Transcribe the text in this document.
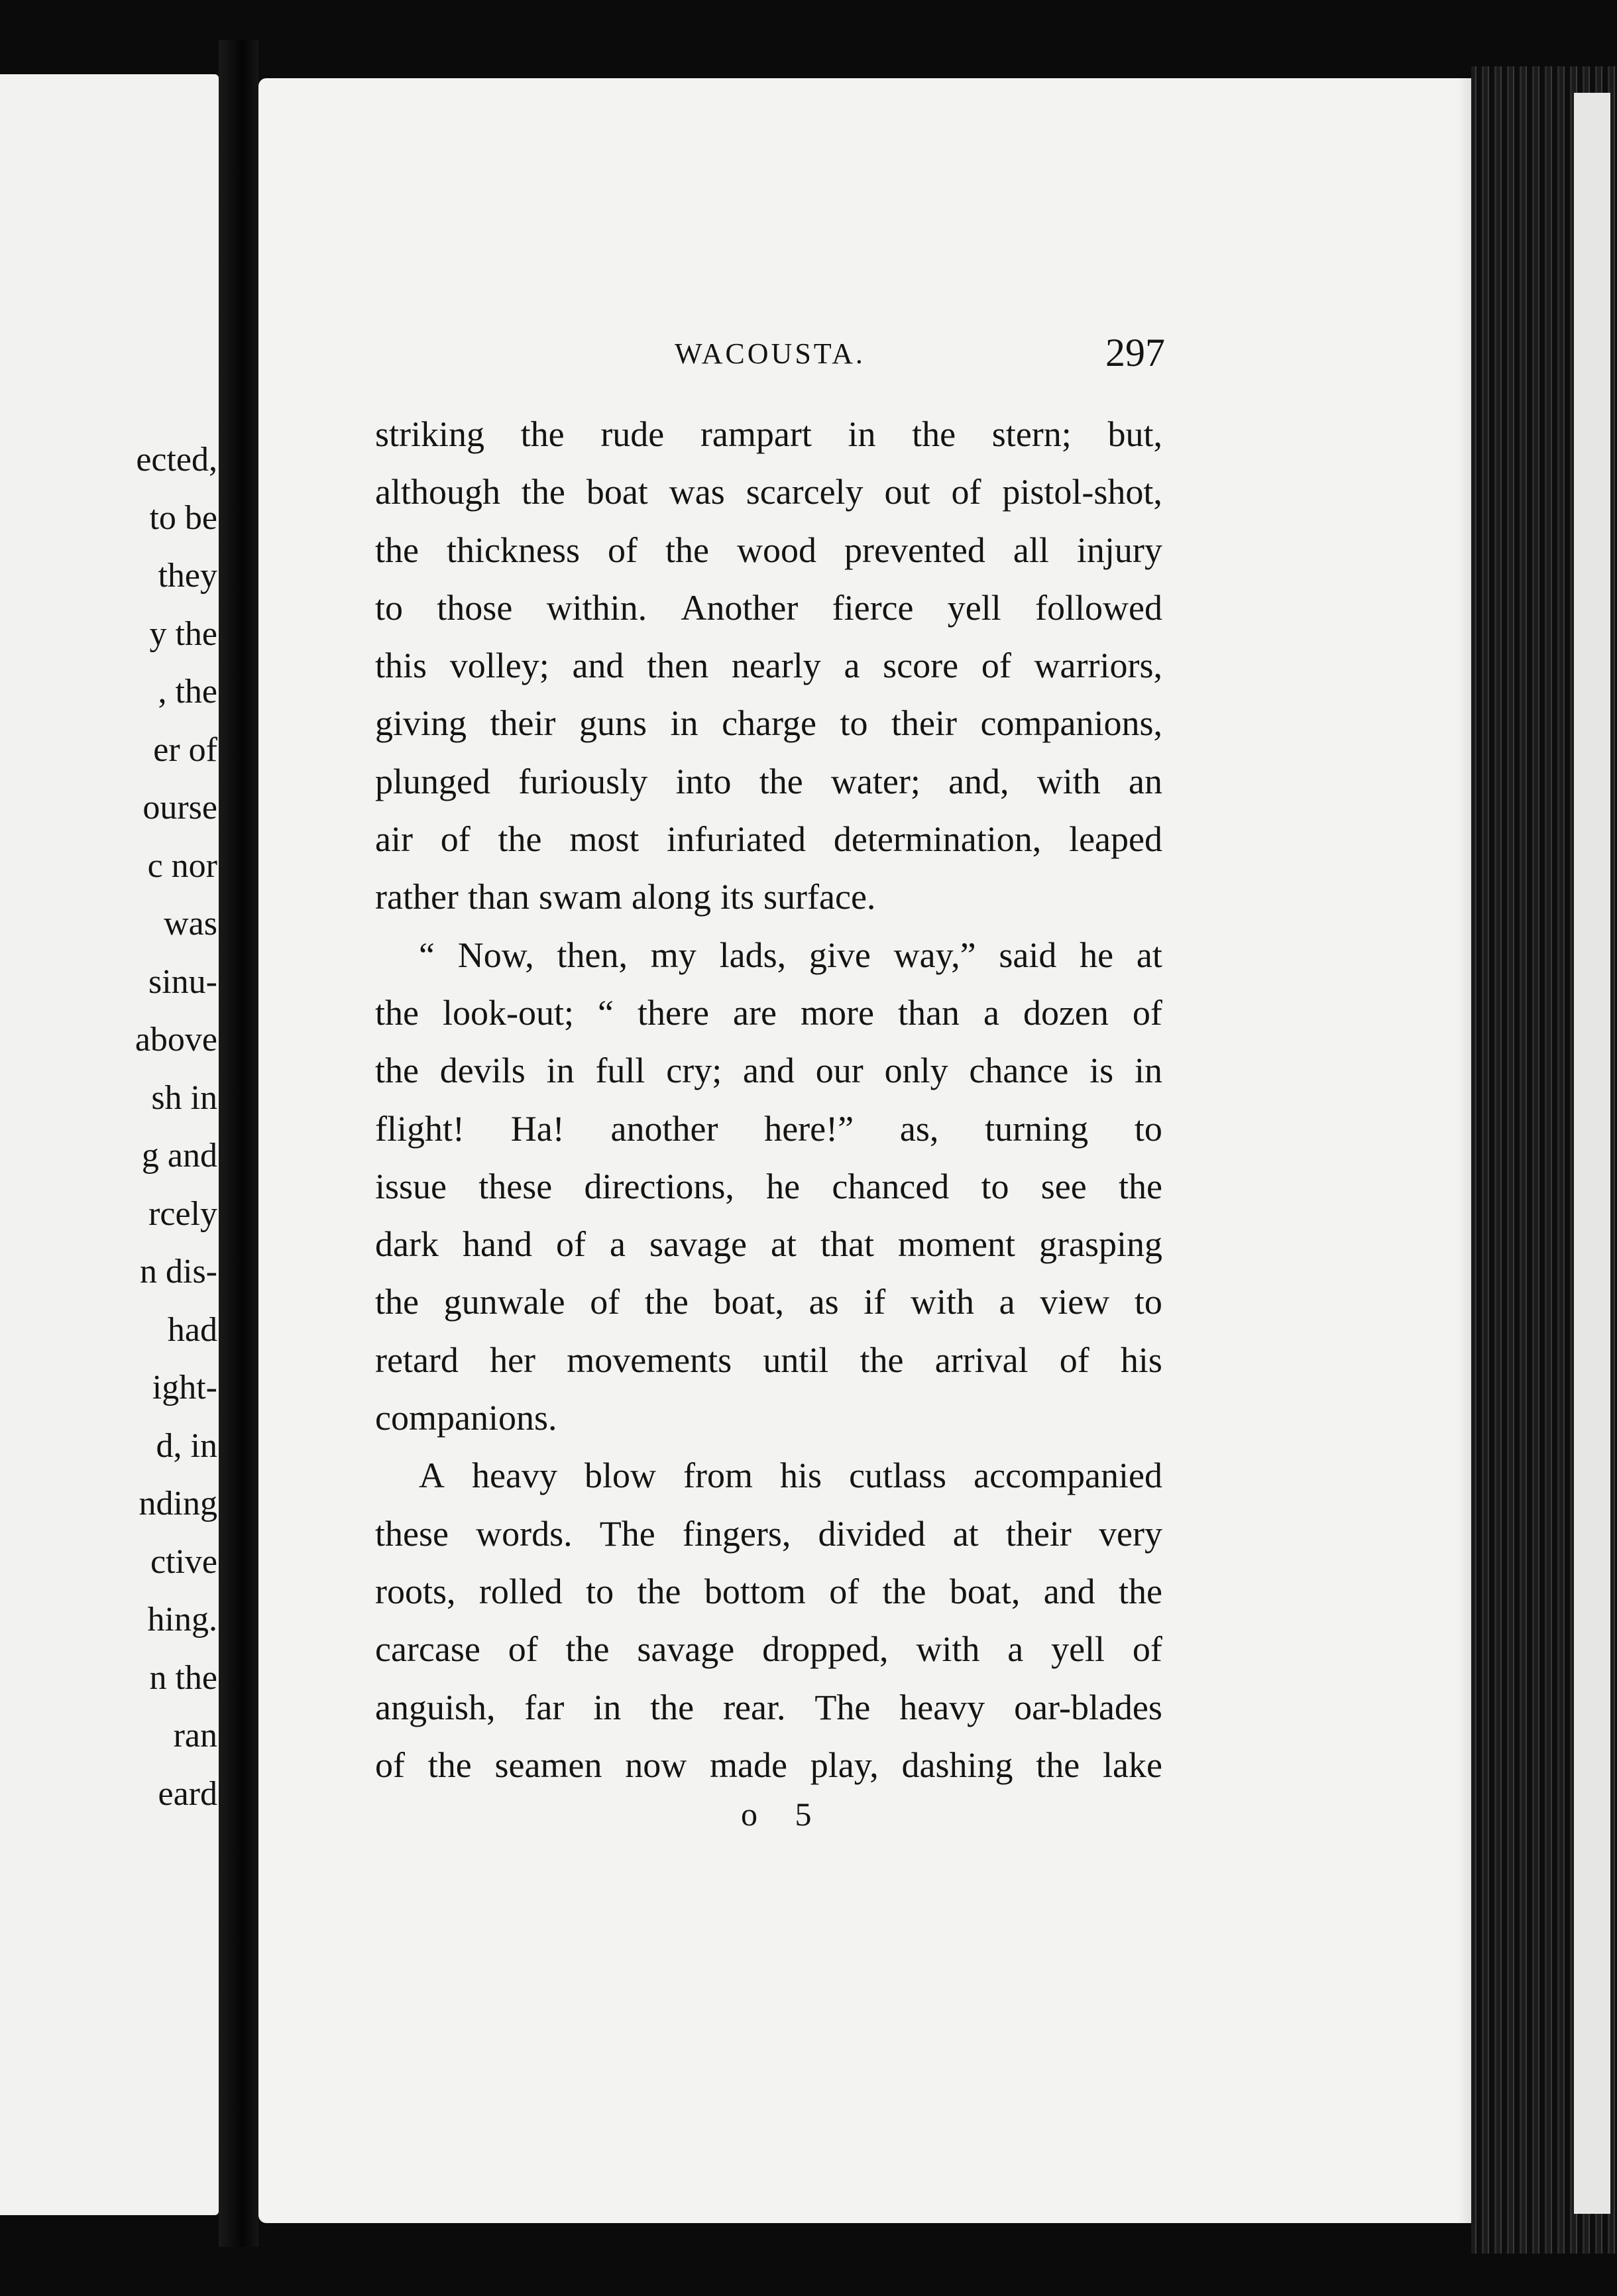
ected,
to be
they
y the
, the
er of
ourse
c nor
was
sinu-
above
sh in
g and
rcely
n dis-
had
ight-
d, in
nding
ctive
hing.
n the
ran
eard
WACOUSTA.	297
striking the rude rampart in the stern; but,
although the boat was scarcely out of pistol-shot,
the thickness of the wood prevented all injury
to those within. Another fierce yell followed
this volley; and then nearly a score of warriors,
giving their guns in charge to their companions,
plunged furiously into the water; and, with an
air of the most infuriated determination, leaped
rather than swam along its surface.
“ Now, then, my lads, give way,” said he at
the look-out; “ there are more than a dozen of
the devils in full cry; and our only chance is in
flight! Ha! another here!” as, turning to
issue these directions, he chanced to see the
dark hand of a savage at that moment grasping
the gunwale of the boat, as if with a view to
retard her movements until the arrival of his
companions.
A heavy blow from his cutlass accompanied
these words. The fingers, divided at their very
roots, rolled to the bottom of the boat, and the
carcase of the savage dropped, with a yell of
anguish, far in the rear. The heavy oar-blades
of the seamen now made play, dashing the lake
o 5
